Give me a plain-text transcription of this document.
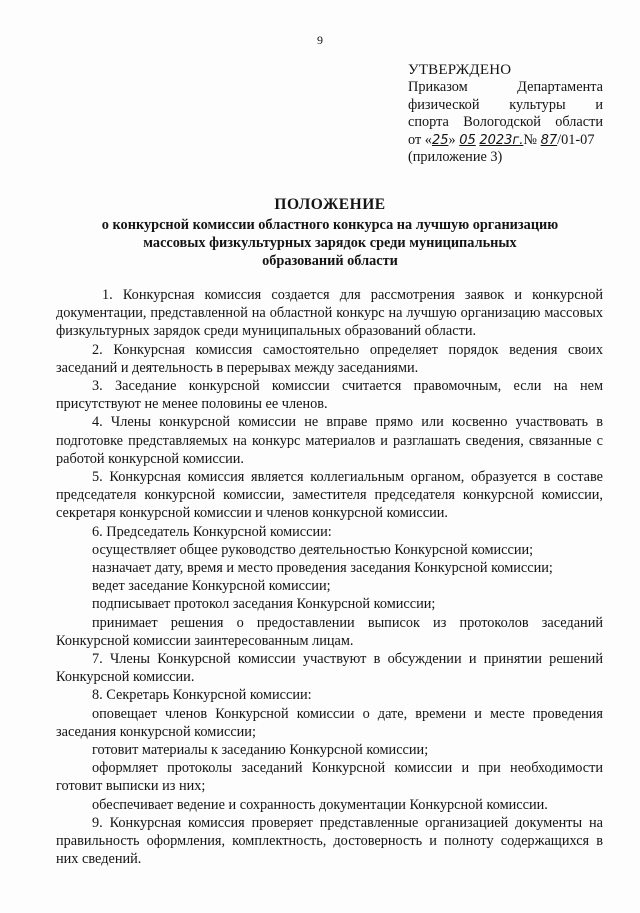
9
УТВЕРЖДЕНО
Приказом Департамента
физической культуры и
спорта Вологодской области
от «25» 05 2023г.№ 87/01-07
(приложение 3)
ПОЛОЖЕНИЕ
о конкурсной комиссии областного конкурса на лучшую организацию
массовых физкультурных зарядок среди муниципальных
образований области

1. Конкурсная комиссия создается для рассмотрения заявок и конкурсной документации, представленной на областной конкурс на лучшую организацию массовых физкультурных зарядок среди муниципальных образований области.

2. Конкурсная комиссия самостоятельно определяет порядок ведения своих заседаний и деятельность в перерывах между заседаниями.

3. Заседание конкурсной комиссии считается правомочным, если на нем присутствуют не менее половины ее членов.

4. Члены конкурсной комиссии не вправе прямо или косвенно участвовать в подготовке представляемых на конкурс материалов и разглашать сведения, связанные с работой конкурсной комиссии.

5. Конкурсная комиссия является коллегиальным органом, образуется в составе председателя конкурсной комиссии, заместителя председателя конкурсной комиссии, секретаря конкурсной комиссии и членов конкурсной комиссии.

6. Председатель Конкурсной комиссии:

осуществляет общее руководство деятельностью Конкурсной комиссии;

назначает дату, время и место проведения заседания Конкурсной комиссии;

ведет заседание Конкурсной комиссии;

подписывает протокол заседания Конкурсной комиссии;

принимает решения о предоставлении выписок из протоколов заседаний Конкурсной комиссии заинтересованным лицам.

7. Члены Конкурсной комиссии участвуют в обсуждении и принятии решений Конкурсной комиссии.

8. Секретарь Конкурсной комиссии:

оповещает членов Конкурсной комиссии о дате, времени и месте проведения заседания конкурсной комиссии;

готовит материалы к заседанию Конкурсной комиссии;

оформляет протоколы заседаний Конкурсной комиссии и при необходимости готовит выписки из них;

обеспечивает ведение и сохранность документации Конкурсной комиссии.

9. Конкурсная комиссия проверяет представленные организацией документы на правильность оформления, комплектность, достоверность и полноту содержащихся в них сведений.
